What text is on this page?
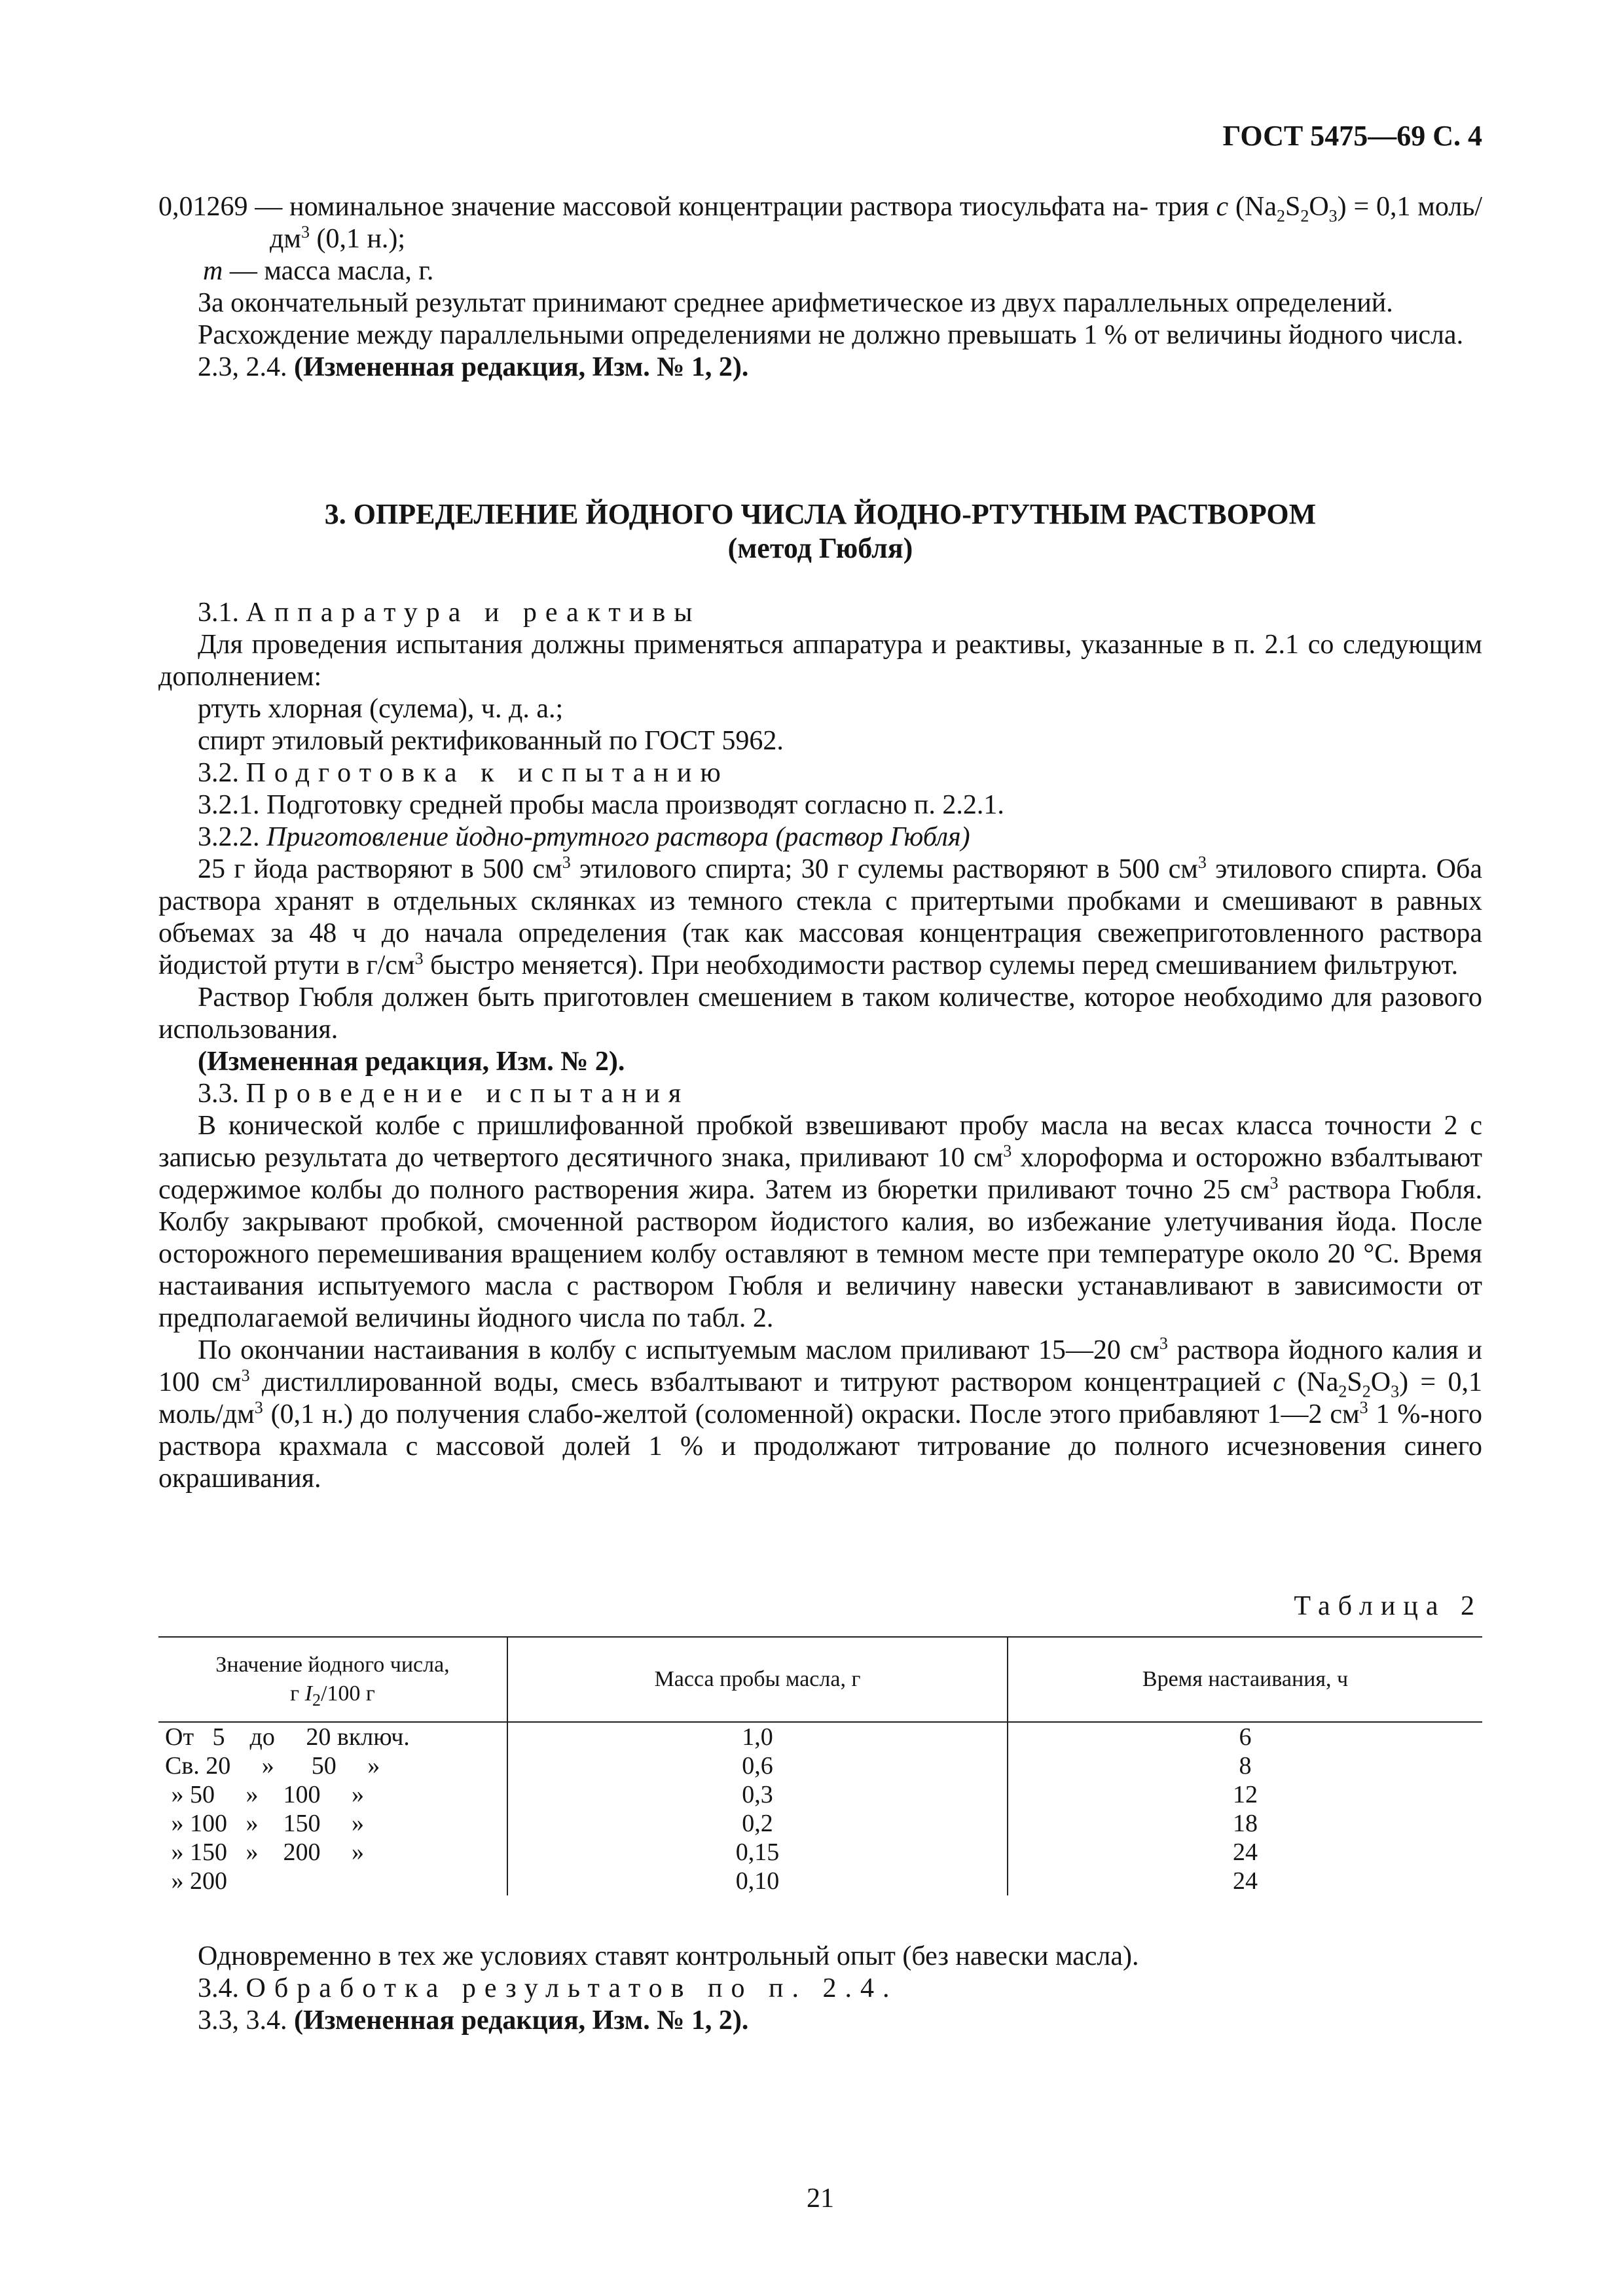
ГОСТ 5475—69 С. 4

0,01269 — номинальное значение массовой концентрации раствора тиосульфата на- трия c $(Na_2S_2O_3) = 0,1$ моль/$дм^3$ (0,1 н.);

m — масса масла, г.

За окончательный результат принимают среднее арифметическое из двух параллельных определений.

Расхождение между параллельными определениями не должно превышать 1 % от величины йодного числа.

2.3, 2.4. (Измененная редакция, Изм. № 1, 2).

3. ОПРЕДЕЛЕНИЕ ЙОДНОГО ЧИСЛА ЙОДНО-РТУТНЫМ РАСТВОРОМ

(метод Гюбля)

3.1. Аппаратура и реактивы

Для проведения испытания должны применяться аппаратура и реактивы, указанные в п. 2.1 со следующим дополнением:

ртуть хлорная (сулема), ч. д. а.;

спирт этиловый ректификованный по ГОСТ 5962.

3.2. Подготовка к испытанию

3.2.1. Подготовку средней пробы масла производят согласно п. 2.2.1.

3.2.2. Приготовление йодно-ртутного раствора (раствор Гюбля)

25 г йода растворяют в 500 $см^3$ этилового спирта; 30 г сулемы растворяют в 500 $см^3$ этилового спирта. Оба раствора хранят в отдельных склянках из темного стекла с притертыми пробками и смешивают в равных объемах за 48 ч до начала определения (так как массовая концентрация свежеприготовленного раствора йодистой ртути в $г/см^3$ быстро меняется). При необходимости раствор сулемы перед смешиванием фильтруют.

Раствор Гюбля должен быть приготовлен смешением в таком количестве, которое необходимо для разового использования.

(Измененная редакция, Изм. № 2).

3.3. Проведение испытания

В конической колбе с пришлифованной пробкой взвешивают пробу масла на весах класса точности 2 с записью результата до четвертого десятичного знака, приливают 10 $см^3$ хлороформа и осторожно взбалтывают содержимое колбы до полного растворения жира. Затем из бюретки приливают точно 25 $см^3$ раствора Гюбля. Колбу закрывают пробкой, смоченной раствором йодистого калия, во избежание улетучивания йода. После осторожного перемешивания вращением колбу оставляют в темном месте при температуре около 20 °С. Время настаивания испытуемого масла с раствором Гюбля и величину навески устанавливают в зависимости от предполагаемой величины йодного числа по табл. 2.

По окончании настаивания в колбу с испытуемым маслом приливают 15—20 $см^3$ раствора йодного калия и 100 $см^3$ дистиллированной воды, смесь взбалтывают и титруют раствором концентрацией c $(Na_2S_2O_3) = 0,1$ моль/$дм^3$ (0,1 н.) до получения слабо-желтой (соломенной) окраски. После этого прибавляют 1—2 $см^3$ 1 %-ного раствора крахмала с массовой долей 1 % и продолжают титрование до полного исчезновения синего окрашивания.

Таблица 2

Значение йодного числа,
г $I_2/100$ г	Масса пробы масла, г	Время настаивания, ч
От   5    до     20 включ.	1,0	6
Св. 20     »      50     »	0,6	8
» 50     »    100     »	0,3	12
» 100   »    150     »	0,2	18
» 150   »    200     »	0,15	24
» 200	0,10	24

Одновременно в тех же условиях ставят контрольный опыт (без навески масла).

3.4. Обработка результатов по п. 2.4.

3.3, 3.4. (Измененная редакция, Изм. № 1, 2).

21
